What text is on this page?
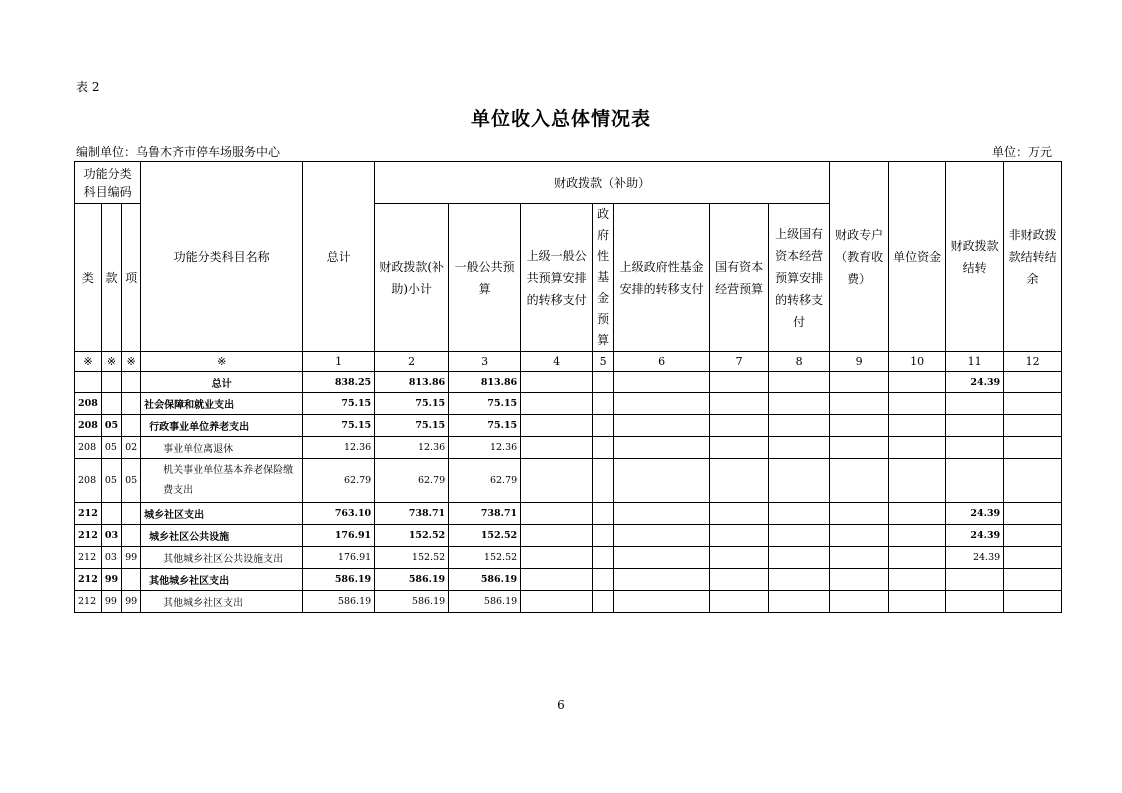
表 2
单位收入总体情况表
编制单位：乌鲁木齐市停车场服务中心	单位：万元
功能分类科目编码			功能分类科目名称	总计	财政拨款（补助）							财政专户（教育收费）	单位资金	财政拨款结转	非财政拨款结转结余
类	款	项			财政拨款(补助)小计	一般公共预算	上级一般公共预算安排的转移支付	政府性基金预算	上级政府性基金安排的转移支付	国有资本经营预算	上级国有资本经营预算安排的转移支付				
※	※	※	※	1	2	3	4	5	6	7	8	9	10	11	12
			总计	838.25	813.86	813.86								24.39	
208			社会保障和就业支出	75.15	75.15	75.15									
208	05		行政事业单位养老支出	75.15	75.15	75.15									
208	05	02	事业单位离退休	12.36	12.36	12.36									
208	05	05	机关事业单位基本养老保险缴费支出	62.79	62.79	62.79									
212			城乡社区支出	763.10	738.71	738.71								24.39	
212	03		城乡社区公共设施	176.91	152.52	152.52								24.39	
212	03	99	其他城乡社区公共设施支出	176.91	152.52	152.52								24.39	
212	99		其他城乡社区支出	586.19	586.19	586.19									
212	99	99	其他城乡社区支出	586.19	586.19	586.19									
6
